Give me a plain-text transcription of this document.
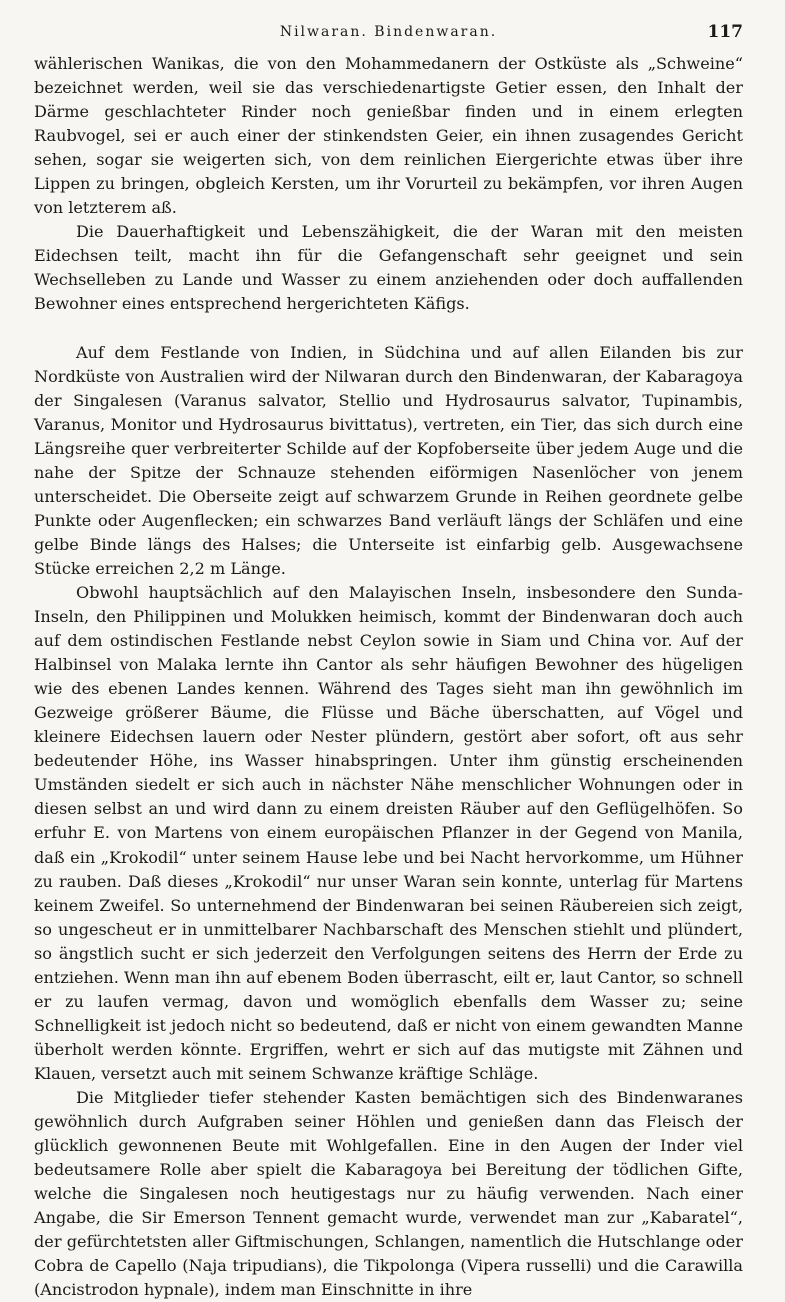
Nilwaran. Bindenwaran.	117

wählerischen Wanikas, die von den Mohammedanern der Ostküste als „Schweine“ bezeichnet werden, weil sie das verschiedenartigste Getier essen, den Inhalt der Därme geschlachteter Rinder noch genießbar finden und in einem erlegten Raubvogel, sei er auch einer der stinkendsten Geier, ein ihnen zusagendes Gericht sehen, sogar sie weigerten sich, von dem reinlichen Eiergerichte etwas über ihre Lippen zu bringen, obgleich Kersten, um ihr Vorurteil zu bekämpfen, vor ihren Augen von letzterem aß.

Die Dauerhaftigkeit und Lebenszähigkeit, die der Waran mit den meisten Eidechsen teilt, macht ihn für die Gefangenschaft sehr geeignet und sein Wechselleben zu Lande und Wasser zu einem anziehenden oder doch auffallenden Bewohner eines entsprechend hergerichteten Käfigs.

Auf dem Festlande von Indien, in Südchina und auf allen Eilanden bis zur Nordküste von Australien wird der Nilwaran durch den Bindenwaran, der Kabaragoya der Singalesen (Varanus salvator, Stellio und Hydrosaurus salvator, Tupinambis, Varanus, Monitor und Hydrosaurus bivittatus), vertreten, ein Tier, das sich durch eine Längsreihe quer verbreiterter Schilde auf der Kopfoberseite über jedem Auge und die nahe der Spitze der Schnauze stehenden eiförmigen Nasenlöcher von jenem unterscheidet. Die Oberseite zeigt auf schwarzem Grunde in Reihen geordnete gelbe Punkte oder Augenflecken; ein schwarzes Band verläuft längs der Schläfen und eine gelbe Binde längs des Halses; die Unterseite ist einfarbig gelb. Ausgewachsene Stücke erreichen 2,2 m Länge.

Obwohl hauptsächlich auf den Malayischen Inseln, insbesondere den Sunda-Inseln, den Philippinen und Molukken heimisch, kommt der Bindenwaran doch auch auf dem ostindischen Festlande nebst Ceylon sowie in Siam und China vor. Auf der Halbinsel von Malaka lernte ihn Cantor als sehr häufigen Bewohner des hügeligen wie des ebenen Landes kennen. Während des Tages sieht man ihn gewöhnlich im Gezweige größerer Bäume, die Flüsse und Bäche überschatten, auf Vögel und kleinere Eidechsen lauern oder Nester plündern, gestört aber sofort, oft aus sehr bedeutender Höhe, ins Wasser hinabspringen. Unter ihm günstig erscheinenden Umständen siedelt er sich auch in nächster Nähe menschlicher Wohnungen oder in diesen selbst an und wird dann zu einem dreisten Räuber auf den Geflügelhöfen. So erfuhr E. von Martens von einem europäischen Pflanzer in der Gegend von Manila, daß ein „Krokodil“ unter seinem Hause lebe und bei Nacht hervorkomme, um Hühner zu rauben. Daß dieses „Krokodil“ nur unser Waran sein konnte, unterlag für Martens keinem Zweifel. So unternehmend der Bindenwaran bei seinen Räubereien sich zeigt, so ungescheut er in unmittelbarer Nachbarschaft des Menschen stiehlt und plündert, so ängstlich sucht er sich jederzeit den Verfolgungen seitens des Herrn der Erde zu entziehen. Wenn man ihn auf ebenem Boden überrascht, eilt er, laut Cantor, so schnell er zu laufen vermag, davon und womöglich ebenfalls dem Wasser zu; seine Schnelligkeit ist jedoch nicht so bedeutend, daß er nicht von einem gewandten Manne überholt werden könnte. Ergriffen, wehrt er sich auf das mutigste mit Zähnen und Klauen, versetzt auch mit seinem Schwanze kräftige Schläge.

Die Mitglieder tiefer stehender Kasten bemächtigen sich des Bindenwaranes gewöhnlich durch Aufgraben seiner Höhlen und genießen dann das Fleisch der glücklich gewonnenen Beute mit Wohlgefallen. Eine in den Augen der Inder viel bedeutsamere Rolle aber spielt die Kabaragoya bei Bereitung der tödlichen Gifte, welche die Singalesen noch heutigestags nur zu häufig verwenden. Nach einer Angabe, die Sir Emerson Tennent gemacht wurde, verwendet man zur „Kabaratel“, der gefürchtetsten aller Giftmischungen, Schlangen, namentlich die Hutschlange oder Cobra de Capello (Naja tripudians), die Tikpolonga (Vipera russelli) und die Carawilla (Ancistrodon hypnale), indem man Einschnitte in ihre
